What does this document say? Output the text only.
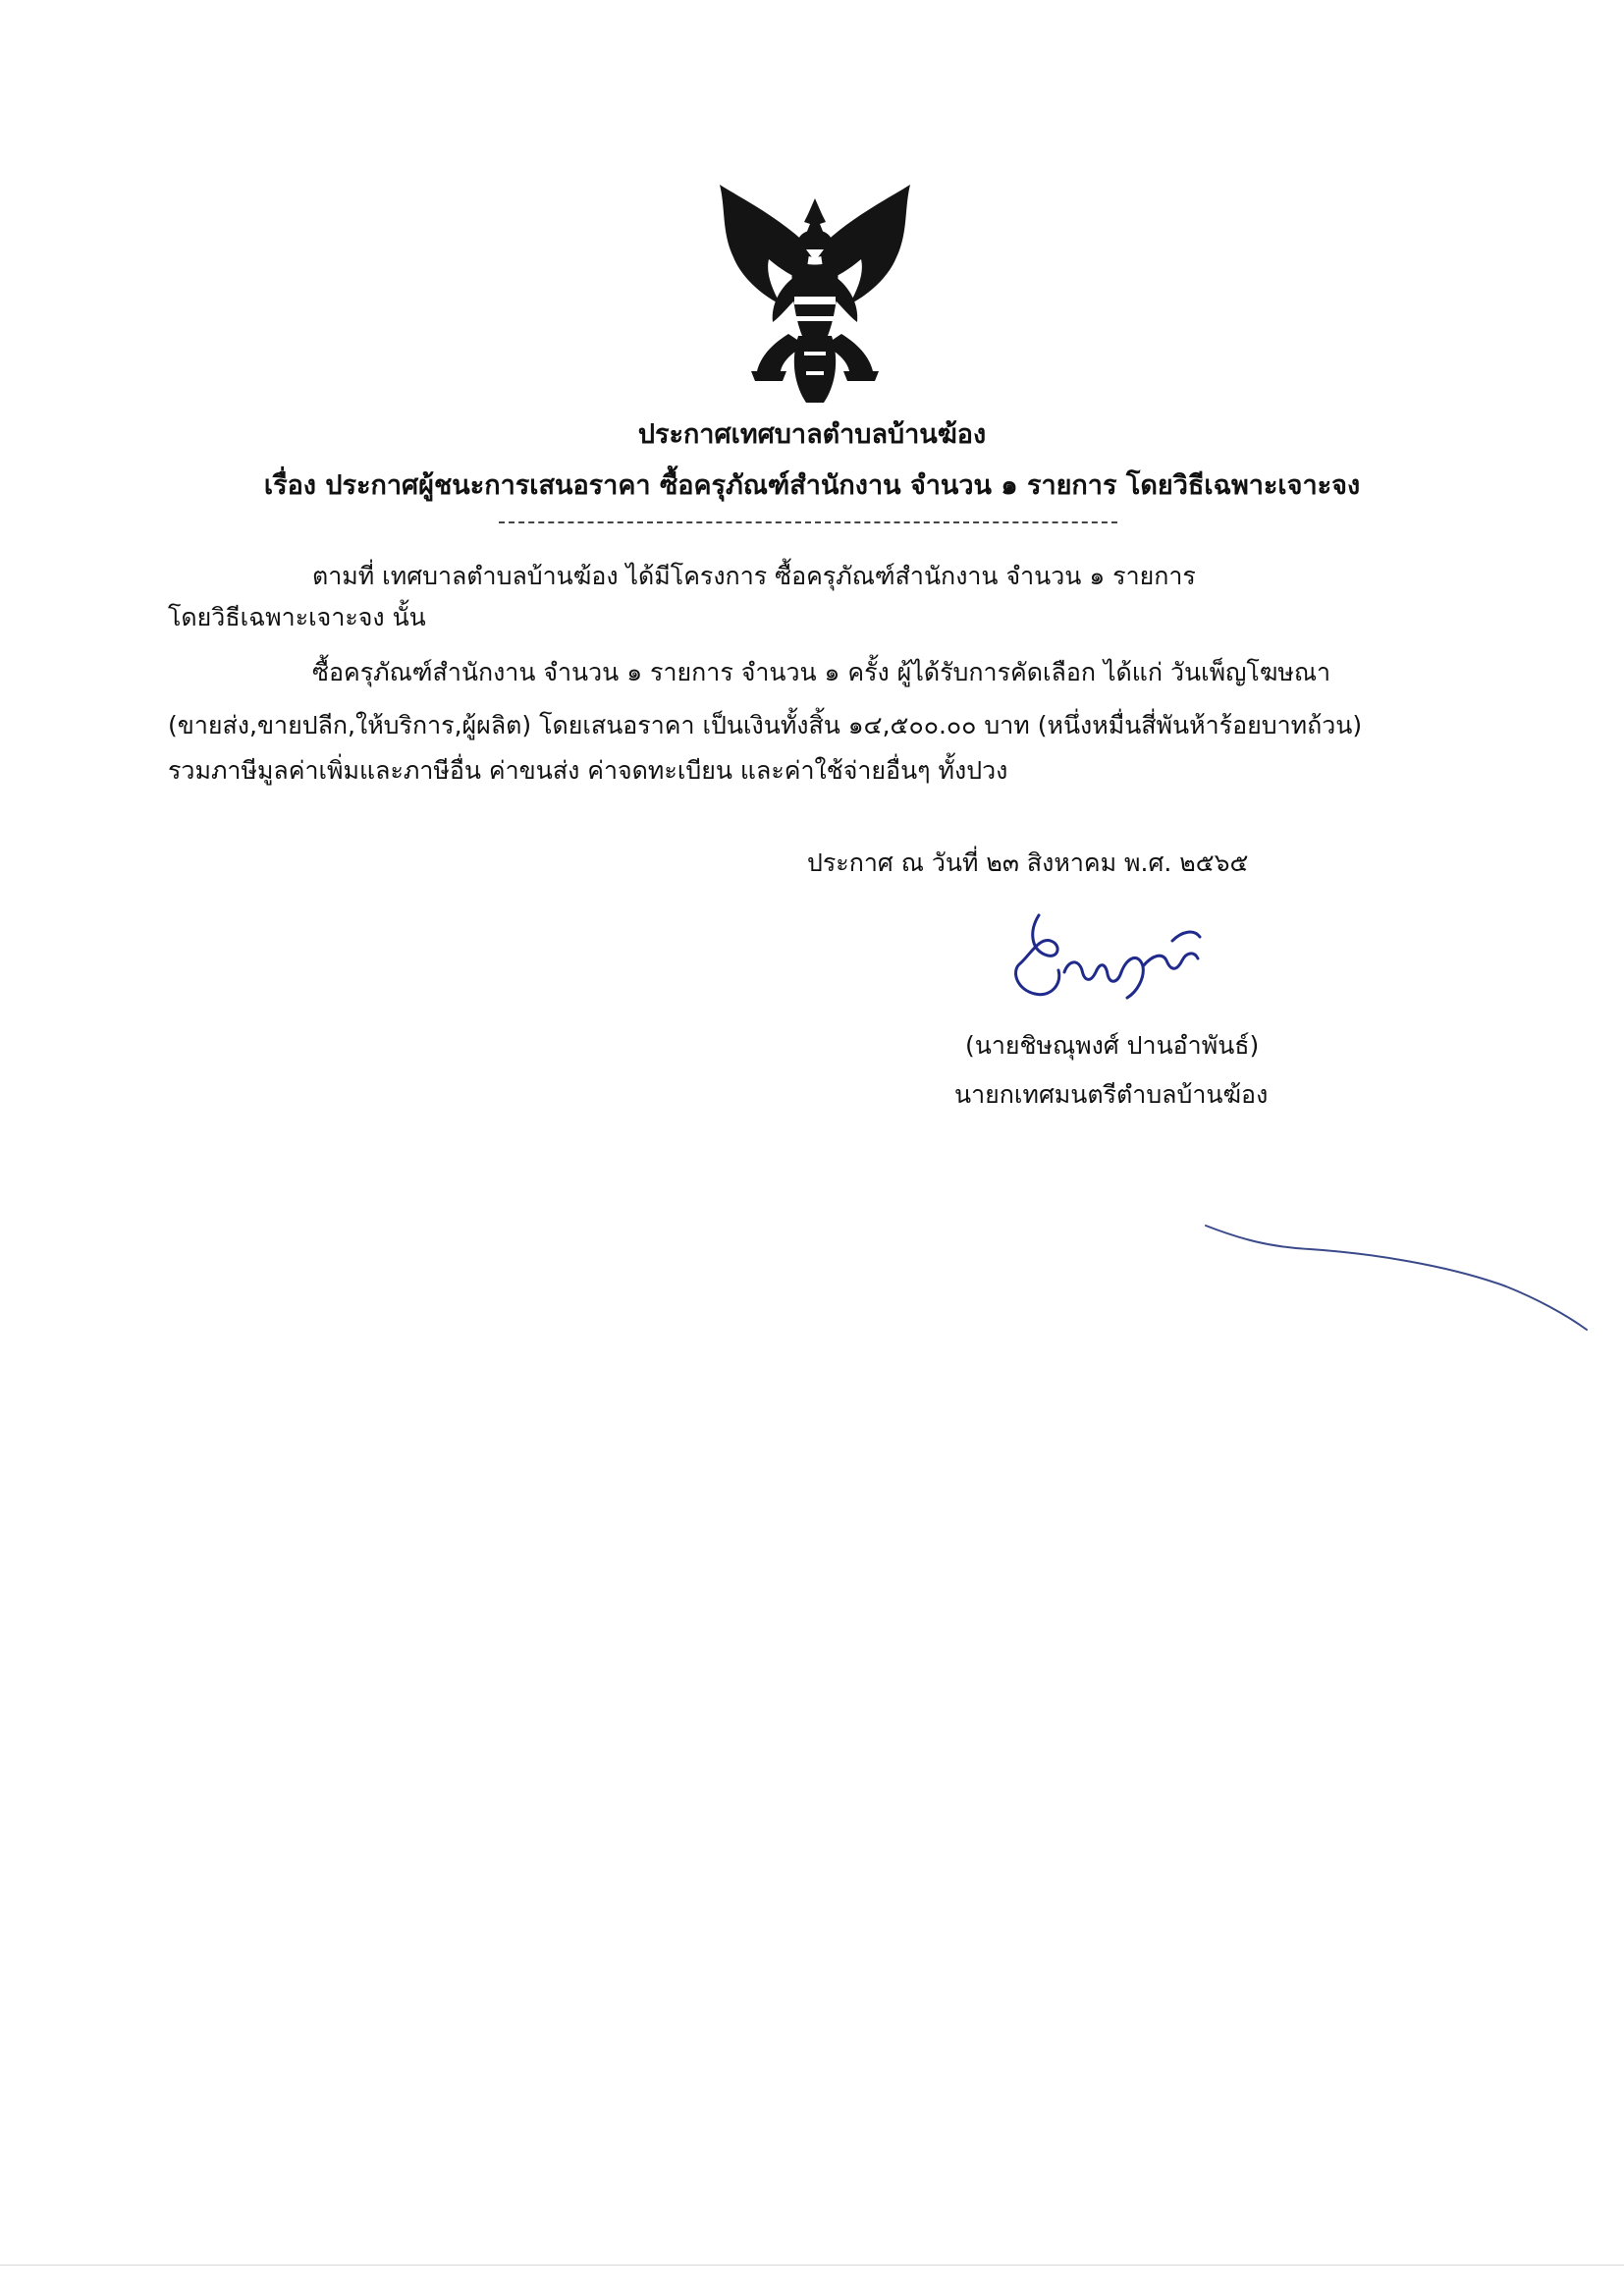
ประกาศเทศบาลตำบลบ้านฆ้อง
เรื่อง ประกาศผู้ชนะการเสนอราคา ซื้อครุภัณฑ์สำนักงาน จำนวน ๑ รายการ โดยวิธีเฉพาะเจาะจง
ตามที่ เทศบาลตำบลบ้านฆ้อง ได้มีโครงการ ซื้อครุภัณฑ์สำนักงาน จำนวน ๑ รายการ
โดยวิธีเฉพาะเจาะจง นั้น
ซื้อครุภัณฑ์สำนักงาน จำนวน ๑ รายการ จำนวน ๑ ครั้ง ผู้ได้รับการคัดเลือก ได้แก่ วันเพ็ญโฆษณา
(ขายส่ง,ขายปลีก,ให้บริการ,ผู้ผลิต) โดยเสนอราคา เป็นเงินทั้งสิ้น ๑๔,๕๐๐.๐๐ บาท (หนึ่งหมื่นสี่พันห้าร้อยบาทถ้วน)
รวมภาษีมูลค่าเพิ่มและภาษีอื่น ค่าขนส่ง ค่าจดทะเบียน และค่าใช้จ่ายอื่นๆ ทั้งปวง
ประกาศ ณ วันที่ ๒๓ สิงหาคม พ.ศ. ๒๕๖๕
(นายชิษณุพงศ์ ปานอำพันธ์)
นายกเทศมนตรีตำบลบ้านฆ้อง
